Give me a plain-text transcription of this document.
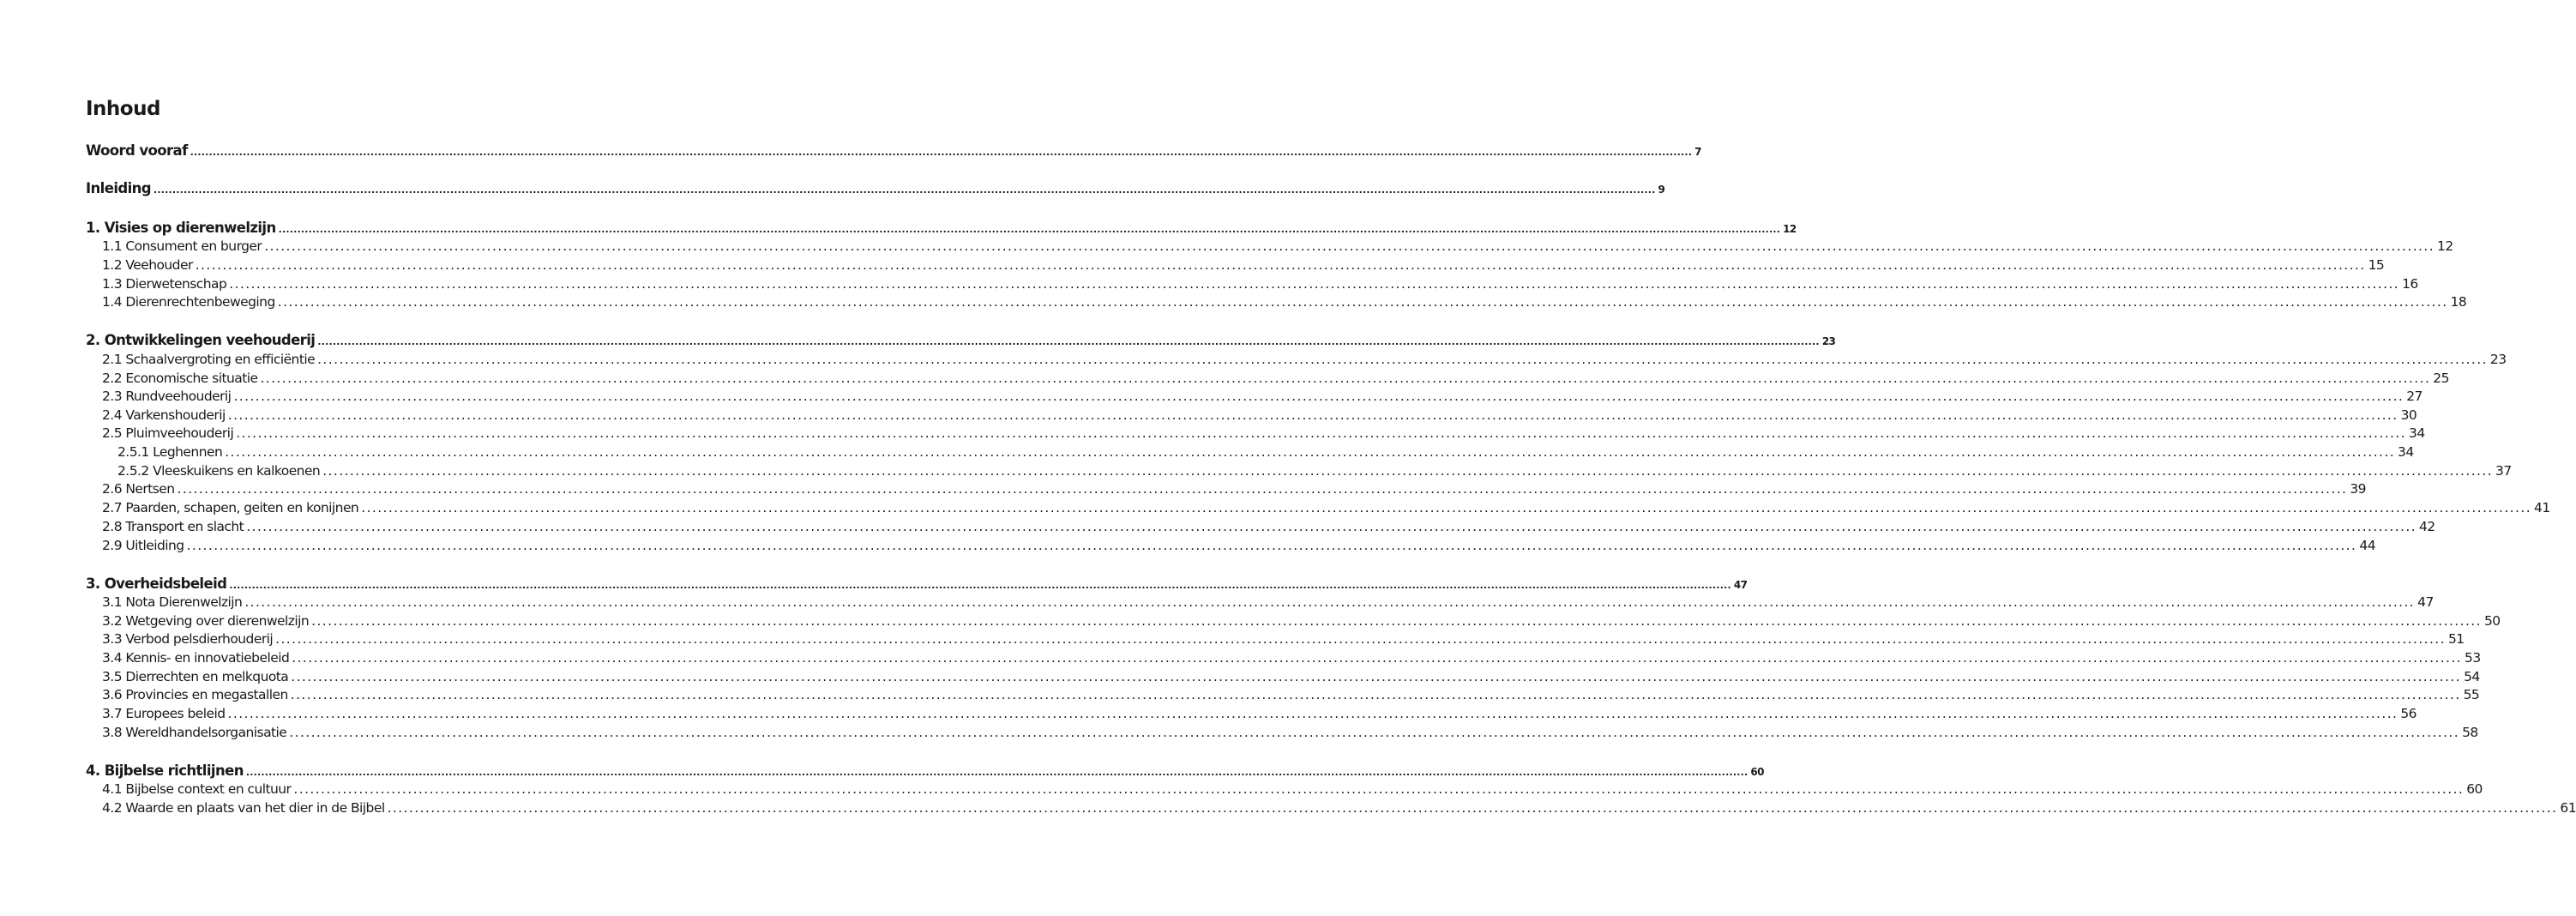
Inhoud
Woord vooraf ................................................................................................................................................................................................................................................................................................................................................................................................................ 7
Inleiding ................................................................................................................................................................................................................................................................................................................................................................................................................ 9
1. Visies op dierenwelzijn ................................................................................................................................................................................................................................................................................................................................................................................................................ 12
1.1 Consument en burger ................................................................................................................................................................................................................................................................................................................................................................................................................ 12
1.2 Veehouder ................................................................................................................................................................................................................................................................................................................................................................................................................ 15
1.3 Dierwetenschap ................................................................................................................................................................................................................................................................................................................................................................................................................ 16
1.4 Dierenrechtenbeweging ................................................................................................................................................................................................................................................................................................................................................................................................................ 18
2. Ontwikkelingen veehouderij ................................................................................................................................................................................................................................................................................................................................................................................................................ 23
2.1 Schaalvergroting en efficiëntie ................................................................................................................................................................................................................................................................................................................................................................................................................ 23
2.2 Economische situatie ................................................................................................................................................................................................................................................................................................................................................................................................................ 25
2.3 Rundveehouderij ................................................................................................................................................................................................................................................................................................................................................................................................................ 27
2.4 Varkenshouderij ................................................................................................................................................................................................................................................................................................................................................................................................................ 30
2.5 Pluimveehouderij ................................................................................................................................................................................................................................................................................................................................................................................................................ 34
2.5.1 Leghennen ................................................................................................................................................................................................................................................................................................................................................................................................................ 34
2.5.2 Vleeskuikens en kalkoenen ................................................................................................................................................................................................................................................................................................................................................................................................................ 37
2.6 Nertsen ................................................................................................................................................................................................................................................................................................................................................................................................................ 39
2.7 Paarden, schapen, geiten en konijnen ................................................................................................................................................................................................................................................................................................................................................................................................................ 41
2.8 Transport en slacht ................................................................................................................................................................................................................................................................................................................................................................................................................ 42
2.9 Uitleiding ................................................................................................................................................................................................................................................................................................................................................................................................................ 44
3. Overheidsbeleid ................................................................................................................................................................................................................................................................................................................................................................................................................ 47
3.1 Nota Dierenwelzijn ................................................................................................................................................................................................................................................................................................................................................................................................................ 47
3.2 Wetgeving over dierenwelzijn ................................................................................................................................................................................................................................................................................................................................................................................................................ 50
3.3 Verbod pelsdierhouderij ................................................................................................................................................................................................................................................................................................................................................................................................................ 51
3.4 Kennis- en innovatiebeleid ................................................................................................................................................................................................................................................................................................................................................................................................................ 53
3.5 Dierrechten en melkquota ................................................................................................................................................................................................................................................................................................................................................................................................................ 54
3.6 Provincies en megastallen ................................................................................................................................................................................................................................................................................................................................................................................................................ 55
3.7 Europees beleid ................................................................................................................................................................................................................................................................................................................................................................................................................ 56
3.8 Wereldhandelsorganisatie ................................................................................................................................................................................................................................................................................................................................................................................................................ 58
4. Bijbelse richtlijnen ................................................................................................................................................................................................................................................................................................................................................................................................................ 60
4.1 Bijbelse context en cultuur ................................................................................................................................................................................................................................................................................................................................................................................................................ 60
4.2 Waarde en plaats van het dier in de Bijbel ................................................................................................................................................................................................................................................................................................................................................................................................................ 61
